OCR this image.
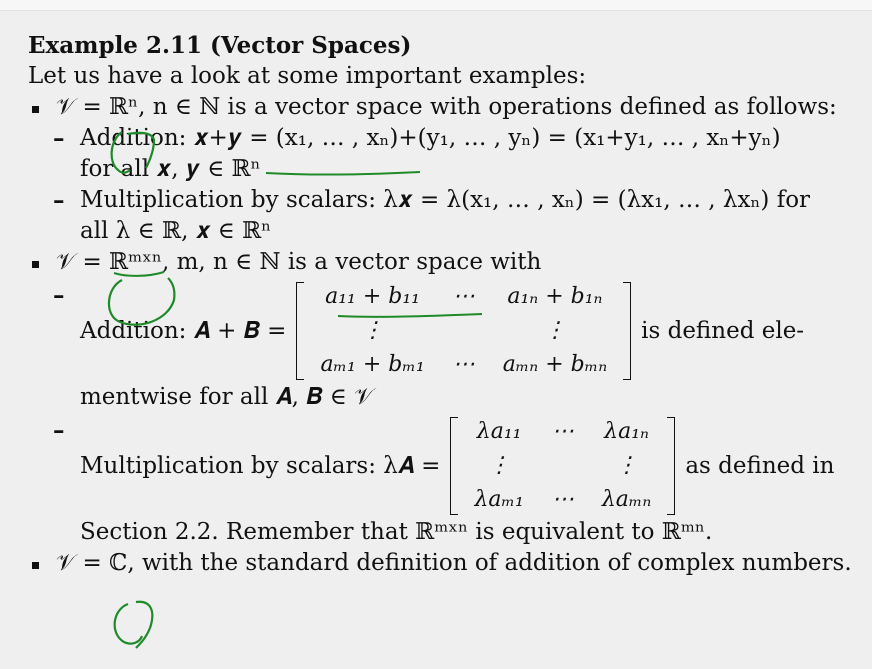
Example 2.11 (Vector Spaces)
Let us have a look at some important examples:
𝒱 = ℝⁿ, n ∈ ℕ is a vector space with operations defined as follows:
– Addition: 𝒙+𝒚 = (x₁, … , xₙ)+(y₁, … , yₙ) = (x₁+y₁, … , xₙ+yₙ)
for all 𝒙, 𝒚 ∈ ℝⁿ
– Multiplication by scalars: λ𝒙 = λ(x₁, … , xₙ) = (λx₁, … , λxₙ) for
all λ ∈ ℝ, 𝒙 ∈ ℝⁿ
𝒱 = ℝᵐˣⁿ, m, n ∈ ℕ is a vector space with
– Addition: 𝑨 + 𝑩 =
a₁₁ + b₁₁	⋯	a₁ₙ + b₁ₙ
⋮		⋮
aₘ₁ + bₘ₁	⋯	aₘₙ + bₘₙ
is defined ele-
mentwise for all 𝑨, 𝑩 ∈ 𝒱
– Multiplication by scalars: λ𝑨 =
λa₁₁	⋯	λa₁ₙ
⋮		⋮
λaₘ₁	⋯	λaₘₙ
as defined in
Section 2.2. Remember that ℝᵐˣⁿ is equivalent to ℝᵐⁿ.
𝒱 = ℂ, with the standard definition of addition of complex numbers.
